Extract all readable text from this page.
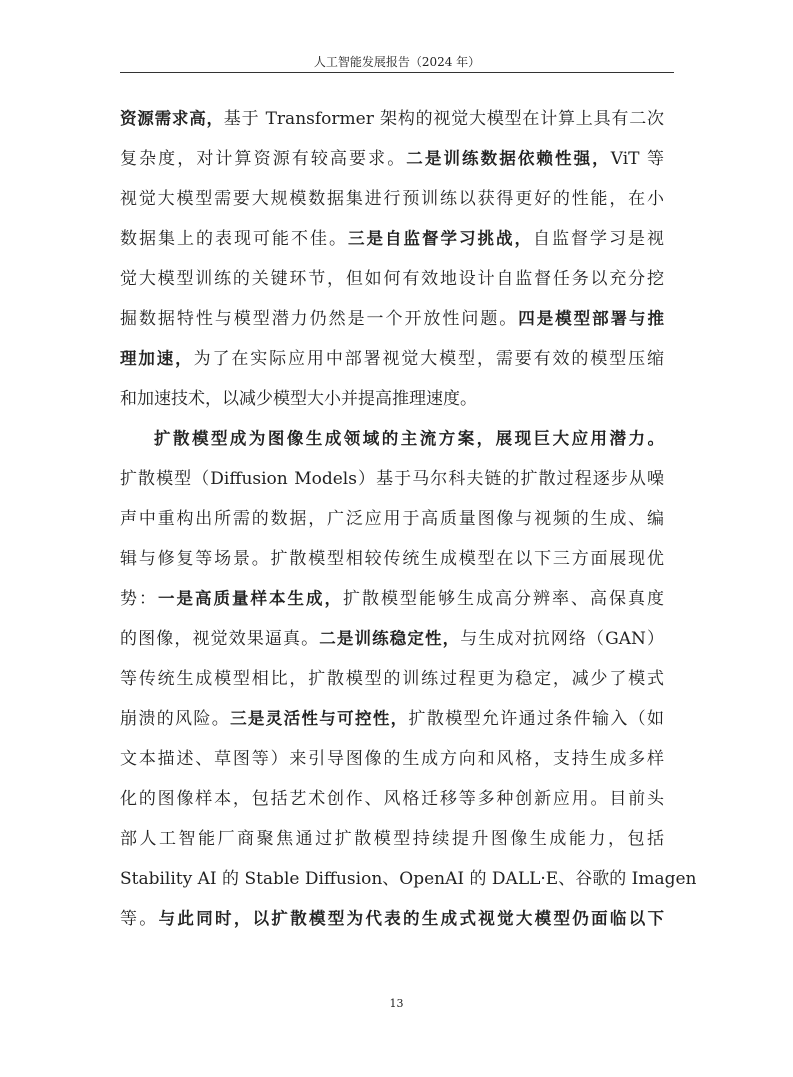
人工智能发展报告（2024 年）
资源需求高，基于 Transformer 架构的视觉大模型在计算上具有二次
复杂度，对计算资源有较高要求。二是训练数据依赖性强，ViT 等
视觉大模型需要大规模数据集进行预训练以获得更好的性能，在小
数据集上的表现可能不佳。三是自监督学习挑战，自监督学习是视
觉大模型训练的关键环节，但如何有效地设计自监督任务以充分挖
掘数据特性与模型潜力仍然是一个开放性问题。四是模型部署与推
理加速，为了在实际应用中部署视觉大模型，需要有效的模型压缩
和加速技术，以减少模型大小并提高推理速度。
扩散模型成为图像生成领域的主流方案，展现巨大应用潜力。
扩散模型（Diffusion Models）基于马尔科夫链的扩散过程逐步从噪
声中重构出所需的数据，广泛应用于高质量图像与视频的生成、编
辑与修复等场景。扩散模型相较传统生成模型在以下三方面展现优
势：一是高质量样本生成，扩散模型能够生成高分辨率、高保真度
的图像，视觉效果逼真。二是训练稳定性，与生成对抗网络（GAN）
等传统生成模型相比，扩散模型的训练过程更为稳定，减少了模式
崩溃的风险。三是灵活性与可控性，扩散模型允许通过条件输入（如
文本描述、草图等）来引导图像的生成方向和风格，支持生成多样
化的图像样本，包括艺术创作、风格迁移等多种创新应用。目前头
部人工智能厂商聚焦通过扩散模型持续提升图像生成能力，包括
Stability AI 的 Stable Diffusion、OpenAI 的 DALL·E、谷歌的 Imagen
等。与此同时，以扩散模型为代表的生成式视觉大模型仍面临以下
13
